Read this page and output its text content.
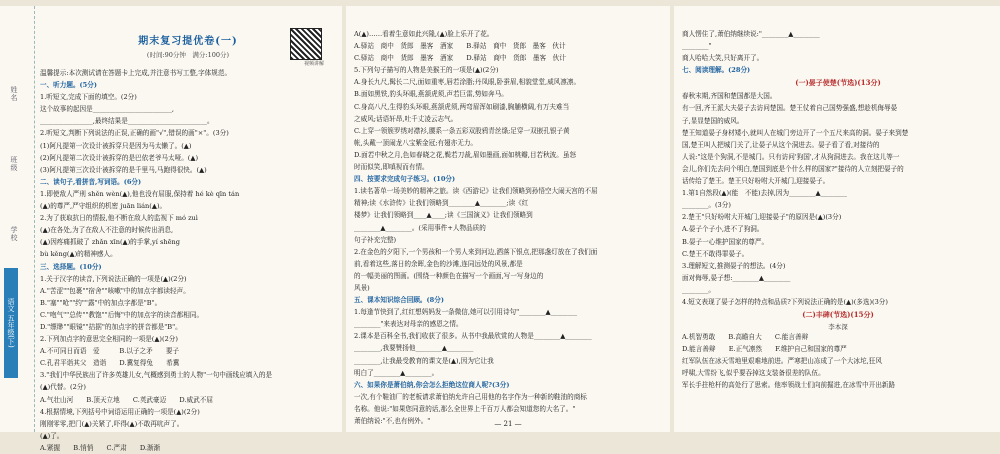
姓名
班级
学校
语文 五年级(下)
期末复习提优卷(一)
(时间:90分钟　满分:100分)
视频讲解
温馨提示:本次测试请在答题卡上完成,并注意书写工整,字体规范。
一、听力题。(5分)
1.听短文,完成下面的填空。(2分)
这个故事的起因是________________________,
________________,最终结果是________________________。
2.听短文,判断下列说法的正误,正确的画"√",错误的画"×"。(3分)
(1)阿凡提第一次设计被拆穿只是因为马太懒了。(▲)
(2)阿凡提第二次设计被拆穿的是巴依老爷马太哑。(▲)
(3)阿凡提第三次设计被拆穿的是千里马,马跑得很快。(▲)
二、读句子,看拼音,写词语。(6分)
1.即使敌人严刑 shěn wèn(▲),他也没有屈服,保持着 hé kè qīn tán
(▲)的尊严,严守组织的机密 juān lián(▲)。
2.为了获取抗日的情报,他不断在敌人的监视下 mó zuì
(▲)在各处,为了在敌人不注意的时候传出消息,
(▲)因疼痛抓破了 zhǎn xīn(▲)的手掌,yí shēng
bù kěng(▲)的精神感人。
三、选择题。(10分)
1.关于汉字的读音,下列说法正确的一项是(▲)(2分)
A."苦涩""包裹""宿舍""咳嗽"中的加点字都读轻声。
B."塞""呛""约""露"中的加点字都是"B"。
C."咆气""总传""教饱""后悔"中的加点字的读音都相同。
D."缥缈""眼镜""拮据"的加点字的拼音都是"B"。
2.下列加点字的意思完全相同的一项是(▲)(2分)
A.不可同日而语　爱　　　B.以子之矛　　要子
C.孔君平诣其父　造诣　　D.冀复得兔　　希冀
3."我们中华民族出了许多英雄儿女,气概感到勇士的人物"一句中画线应填入的是
(▲)代替。(2分)
A.气壮山河　　B.顶天立地　　C.英武豪迈　　D.威武不屈
4.根据情境,下列括号中词语运用正确的一项是(▲)(2分)
刚刚零零,把门(▲)关紧了,吓得(▲)不敢再吭声了。
(▲)了。
A.紧握　　B.悄悄　　C.严肃　　D.渐渐
A(▲)……看着生意如此兴隆,(▲)脸上乐开了花。
A.驿站　商中　货郎　墨客　酒家　　B.驿站　商中　货郎　墨客　伙计
C.驿站　商中　货郎　墨客　酒家　　D.驿站　商中　货郎　墨客　伙计
5.下列句子描写的人物是美猴王的一项是(▲)(2分)
A.身长九尺,髯长二尺,面如重枣,唇若涂脂;丹凤眼,卧蚕眉,相貌堂堂,威风凛凛。
B.面如黑铁,豹头环眼,燕颔虎须,声若巨雷,势如奔马。
C.身高八尺,生得豹头环眼,燕颔虎须,两弯眉浑如刷漆,胸脯横阔,有万夫难当
之威风;话语轩昂,吐千丈凌云志气。
C.上穿一领簇罗绣对襟衫,腰系一条五彩双股鸦青丝绦;足穿一双嵌孔银子黄
帐,头戴一顶闹龙八宝紫金冠;有翅亦无力。
D.面若中秋之月,色如春晓之花,鬓若刀裁,眉如墨画,面如桃瓣,目若秋波。虽怒
时而似笑,即嗔视而有情。
四、按要求完成句子练习。(10分)
1.读名著单一场美妙的精神之旅。读《西游记》让我们领略到孙悟空大闹天宫的不屈
精神;读《水浒传》让我们领略到________▲________;读《红
楼梦》让我们领略到____▲____;读《三国演义》让我们领略到
________▲________。(采用事件+人物品质的
句子补充完整)
2.在金色的夕阳下,一个男孩和一个男人来到河边,洒落下银点,把那盏灯放在了我们面
前,看着这些,落日的余晖,金色的沙滩,连同远处的风景,都是
的一幅美丽的图画。(围绕一种颜色在描写一个画面,写一写身边的
风景)
五、课本知识综合回顾。(8分)
1.每逢节快到了,红红想妈妈发一条微信,她可以引用诗句"________▲________
________"来表达对母亲的感恩之情。
2.课本是百科全书,我们收获了很多。从书中我最欣赏的人物是________▲________
________,我要赞扬他________▲________
________,让我最受教育的课文是(▲),因为它让我
明白了________▲________。
六、如果你是萧伯纳,你会怎么拒绝这位商人呢?(3分)
一次,有个鞋油厂的老板请求萧伯纳允许自己用他的名字作为一种新的鞋油的商标
名称。他说:"如果您同意的话,那么全世界上千百万人都会知道您的大名了。"
萧伯纳说:"不,也有例外。"	— 21 —
商人愣住了,萧伯纳继续说:"________▲________
________"
商人哈哈大笑,只好离开了。
七、阅读理解。(28分)
(一)晏子使楚(节选)(13分)
春秋末期,齐国和楚国都是大国。
有一回,齐王派大夫晏子去访问楚国。楚王仗着自己国势强盛,想趁机侮辱晏
子,显显楚国的威风。
楚王知道晏子身材矮小,就叫人在城门旁边开了一个五尺来高的洞。晏子来到楚
国,楚王叫人把城门关了,让晏子从这个洞进去。晏子看了看,对接待的
人说:"这是个狗洞,不是城门。只有访问'狗国',才从狗洞进去。我在这儿等一
会儿,你们先去问个明白,楚国到底是个什么样的国家?"接待的人立刻把晏子的
话传给了楚王。楚王只好吩咐大开城门,迎接晏子。
1.第1自然段(▲)(能　不能)去掉,因为________▲________
________。(3分)
2.楚王"只好吩咐大开城门,迎接晏子"的原因是(▲)(3分)
A.晏子个子小,进不了狗洞。
B.晏子一心维护国家的尊严。
C.楚王不敢得罪晏子。
3.理解短文,推测晏子的想法。(4分)
面对侮辱,晏子想:________▲________
________。
4.短文表现了晏子怎样的特点和品质?下列说法正确的是(▲)(多选)(3分)
(二)丰碑(节选)(15分)
李本深
A.机智勇敢　　B.高瞻自大　　C.能言善辩
D.能言善辩　　E.正气凛然　　F.维护自己和国家的尊严
红军队伍在冰天雪地里艰难地前进。严寒把山冻成了一个大冰坨,狂风
呼啸,大雪纷飞,似乎要吞掉这支装备很差的队伍。
军长手拄枪杆的高处行了思索。他率领战士们向前掘进,在冰雪中开出新路
